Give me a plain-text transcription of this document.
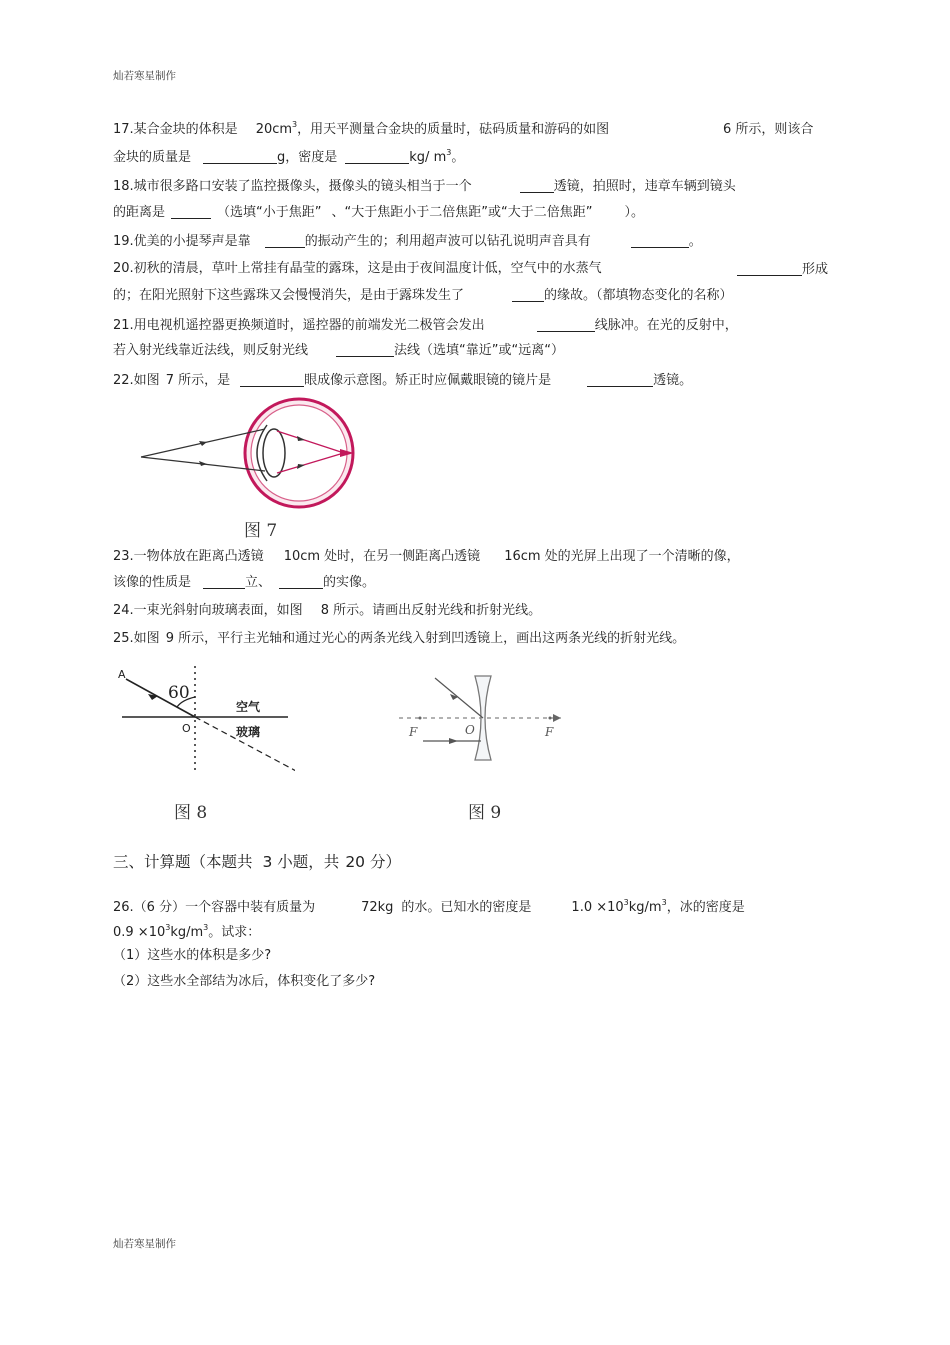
灿若寒星制作
17.某合金块的体积是 $20cm^3$，用天平测量合金块的质量时，砝码质量和游码的如图	6 所示，则该合
金块的质量是	g，密度是	kg/ $m^3$。
18.城市很多路口安装了监控摄像头，摄像头的镜头相当于一个	透镜，拍照时，违章车辆到镜头
的距离是	（选填“小于焦距” 、“大于焦距小于二倍焦距”或“大于二倍焦距” ）。
19.优美的小提琴声是靠	的振动产生的；利用超声波可以钻孔说明声音具有	。
20.初秋的清晨，草叶上常挂有晶莹的露珠，这是由于夜间温度计低，空气中的水蒸气	形成
的；在阳光照射下这些露珠又会慢慢消失，是由于露珠发生了	的缘故。（都填物态变化的名称）
21.用电视机遥控器更换频道时，遥控器的前端发光二极管会发出	线脉冲。在光的反射中，
若入射光线靠近法线，则反射光线	法线（选填“靠近”或“远离“）
22.如图 7 所示，是	眼成像示意图。矫正时应佩戴眼镜的镜片是	透镜。
图 7
23.一物体放在距离凸透镜 10cm 处时，在另一侧距离凸透镜 16cm 处的光屏上出现了一个清晰的像，
该像的性质是	立、	的实像。
24.一束光斜射向玻璃表面，如图 8 所示。请画出反射光线和折射光线。
25.如图 9 所示，平行主光轴和通过光心的两条光线入射到凹透镜上，画出这两条光线的折射光线。
A
60
O
空气
玻璃
图 8
F	O	F
图 9
三、计算题（本题共 3 小题，共 20 分）
26.（6 分）一个容器中装有质量为	72kg 的水。已知水的密度是	$1.0 \times 10^3kg/m^3$，冰的密度是
$0.9 \times 10^3kg/m^3$。试求：
（1）这些水的体积是多少?
（2）这些水全部结为冰后，体积变化了多少?
灿若寒星制作
